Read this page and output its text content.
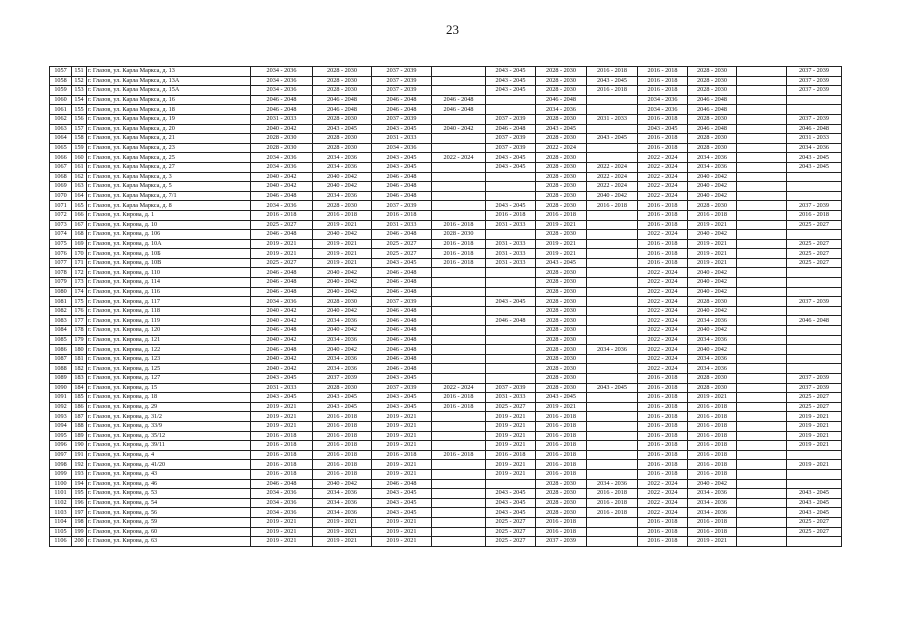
23
1057	151	г. Глазов, ул. Карла Маркса, д. 13	2034 - 2036	2028 - 2030	2037 - 2039		2043 - 2045	2028 - 2030	2016 - 2018	2016 - 2018	2028 - 2030		2037 - 2039
1058	152	г. Глазов, ул. Карла Маркса, д. 13А	2034 - 2036	2028 - 2030	2037 - 2039		2043 - 2045	2028 - 2030	2043 - 2045	2016 - 2018	2028 - 2030		2037 - 2039
1059	153	г. Глазов, ул. Карла Маркса, д. 15А	2034 - 2036	2028 - 2030	2037 - 2039		2043 - 2045	2028 - 2030	2016 - 2018	2016 - 2018	2028 - 2030		2037 - 2039
1060	154	г. Глазов, ул. Карла Маркса, д. 16	2046 - 2048	2046 - 2048	2046 - 2048	2046 - 2048		2046 - 2048		2034 - 2036	2046 - 2048		
1061	155	г. Глазов, ул. Карла Маркса, д. 18	2046 - 2048	2046 - 2048	2046 - 2048	2046 - 2048		2034 - 2036		2034 - 2036	2046 - 2048		
1062	156	г. Глазов, ул. Карла Маркса, д. 19	2031 - 2033	2028 - 2030	2037 - 2039		2037 - 2039	2028 - 2030	2031 - 2033	2016 - 2018	2028 - 2030		2037 - 2039
1063	157	г. Глазов, ул. Карла Маркса, д. 20	2040 - 2042	2043 - 2045	2043 - 2045	2040 - 2042	2046 - 2048	2043 - 2045		2043 - 2045	2046 - 2048		2046 - 2048
1064	158	г. Глазов, ул. Карла Маркса, д. 21	2028 - 2030	2028 - 2030	2031 - 2033		2037 - 2039	2028 - 2030	2043 - 2045	2016 - 2018	2028 - 2030		2031 - 2033
1065	159	г. Глазов, ул. Карла Маркса, д. 23	2028 - 2030	2028 - 2030	2034 - 2036		2037 - 2039	2022 - 2024		2016 - 2018	2028 - 2030		2034 - 2036
1066	160	г. Глазов, ул. Карла Маркса, д. 25	2034 - 2036	2034 - 2036	2043 - 2045	2022 - 2024	2043 - 2045	2028 - 2030		2022 - 2024	2034 - 2036		2043 - 2045
1067	161	г. Глазов, ул. Карла Маркса, д. 27	2034 - 2036	2034 - 2036	2043 - 2045		2043 - 2045	2028 - 2030	2022 - 2024	2022 - 2024	2034 - 2036		2043 - 2045
1068	162	г. Глазов, ул. Карла Маркса, д. 3	2040 - 2042	2040 - 2042	2046 - 2048			2028 - 2030	2022 - 2024	2022 - 2024	2040 - 2042		
1069	163	г. Глазов, ул. Карла Маркса, д. 5	2040 - 2042	2040 - 2042	2046 - 2048			2028 - 2030	2022 - 2024	2022 - 2024	2040 - 2042		
1070	164	г. Глазов, ул. Карла Маркса, д. 7/1	2046 - 2048	2034 - 2036	2046 - 2048			2028 - 2030	2040 - 2042	2022 - 2024	2040 - 2042		
1071	165	г. Глазов, ул. Карла Маркса, д. 8	2034 - 2036	2028 - 2030	2037 - 2039		2043 - 2045	2028 - 2030	2016 - 2018	2016 - 2018	2028 - 2030		2037 - 2039
1072	166	г. Глазов, ул. Кирова, д. 1	2016 - 2018	2016 - 2018	2016 - 2018		2016 - 2018	2016 - 2018		2016 - 2018	2016 - 2018		2016 - 2018
1073	167	г. Глазов, ул. Кирова, д. 10	2025 - 2027	2019 - 2021	2031 - 2033	2016 - 2018	2031 - 2033	2019 - 2021		2016 - 2018	2019 - 2021		2025 - 2027
1074	168	г. Глазов, ул. Кирова, д. 106	2046 - 2048	2040 - 2042	2046 - 2048	2028 - 2030		2028 - 2030		2022 - 2024	2040 - 2042		
1075	169	г. Глазов, ул. Кирова, д. 10А	2019 - 2021	2019 - 2021	2025 - 2027	2016 - 2018	2031 - 2033	2019 - 2021		2016 - 2018	2019 - 2021		2025 - 2027
1076	170	г. Глазов, ул. Кирова, д. 10Б	2019 - 2021	2019 - 2021	2025 - 2027	2016 - 2018	2031 - 2033	2019 - 2021		2016 - 2018	2019 - 2021		2025 - 2027
1077	171	г. Глазов, ул. Кирова, д. 10В	2025 - 2027	2019 - 2021	2043 - 2045	2016 - 2018	2031 - 2033	2043 - 2045		2016 - 2018	2019 - 2021		2025 - 2027
1078	172	г. Глазов, ул. Кирова, д. 110	2046 - 2048	2040 - 2042	2046 - 2048			2028 - 2030		2022 - 2024	2040 - 2042		
1079	173	г. Глазов, ул. Кирова, д. 114	2046 - 2048	2040 - 2042	2046 - 2048			2028 - 2030		2022 - 2024	2040 - 2042		
1080	174	г. Глазов, ул. Кирова, д. 116	2046 - 2048	2040 - 2042	2046 - 2048			2028 - 2030		2022 - 2024	2040 - 2042		
1081	175	г. Глазов, ул. Кирова, д. 117	2034 - 2036	2028 - 2030	2037 - 2039		2043 - 2045	2028 - 2030		2022 - 2024	2028 - 2030		2037 - 2039
1082	176	г. Глазов, ул. Кирова, д. 118	2040 - 2042	2040 - 2042	2046 - 2048			2028 - 2030		2022 - 2024	2040 - 2042		
1083	177	г. Глазов, ул. Кирова, д. 119	2040 - 2042	2034 - 2036	2046 - 2048		2046 - 2048	2028 - 2030		2022 - 2024	2034 - 2036		2046 - 2048
1084	178	г. Глазов, ул. Кирова, д. 120	2046 - 2048	2040 - 2042	2046 - 2048			2028 - 2030		2022 - 2024	2040 - 2042		
1085	179	г. Глазов, ул. Кирова, д. 121	2040 - 2042	2034 - 2036	2046 - 2048			2028 - 2030		2022 - 2024	2034 - 2036		
1086	180	г. Глазов, ул. Кирова, д. 122	2046 - 2048	2040 - 2042	2046 - 2048			2028 - 2030	2034 - 2036	2022 - 2024	2040 - 2042		
1087	181	г. Глазов, ул. Кирова, д. 123	2040 - 2042	2034 - 2036	2046 - 2048			2028 - 2030		2022 - 2024	2034 - 2036		
1088	182	г. Глазов, ул. Кирова, д. 125	2040 - 2042	2034 - 2036	2046 - 2048			2028 - 2030		2022 - 2024	2034 - 2036		
1089	183	г. Глазов, ул. Кирова, д. 127	2043 - 2045	2037 - 2039	2043 - 2045			2028 - 2030		2016 - 2018	2028 - 2030		2037 - 2039
1090	184	г. Глазов, ул. Кирова, д. 15	2031 - 2033	2028 - 2030	2037 - 2039	2022 - 2024	2037 - 2039	2028 - 2030	2043 - 2045	2016 - 2018	2028 - 2030		2037 - 2039
1091	185	г. Глазов, ул. Кирова, д. 18	2043 - 2045	2043 - 2045	2043 - 2045	2016 - 2018	2031 - 2033	2043 - 2045		2016 - 2018	2019 - 2021		2025 - 2027
1092	186	г. Глазов, ул. Кирова, д. 29	2019 - 2021	2043 - 2045	2043 - 2045	2016 - 2018	2025 - 2027	2019 - 2021		2016 - 2018	2016 - 2018		2025 - 2027
1093	187	г. Глазов, ул. Кирова, д. 31/2	2019 - 2021	2016 - 2018	2019 - 2021		2019 - 2021	2016 - 2018		2016 - 2018	2016 - 2018		2019 - 2021
1094	188	г. Глазов, ул. Кирова, д. 33/9	2019 - 2021	2016 - 2018	2019 - 2021		2019 - 2021	2016 - 2018		2016 - 2018	2016 - 2018		2019 - 2021
1095	189	г. Глазов, ул. Кирова, д. 35/12	2016 - 2018	2016 - 2018	2019 - 2021		2019 - 2021	2016 - 2018		2016 - 2018	2016 - 2018		2019 - 2021
1096	190	г. Глазов, ул. Кирова, д. 39/11	2016 - 2018	2016 - 2018	2019 - 2021		2019 - 2021	2016 - 2018		2016 - 2018	2016 - 2018		2019 - 2021
1097	191	г. Глазов, ул. Кирова, д. 4	2016 - 2018	2016 - 2018	2016 - 2018	2016 - 2018	2016 - 2018	2016 - 2018		2016 - 2018	2016 - 2018		
1098	192	г. Глазов, ул. Кирова, д. 41/20	2016 - 2018	2016 - 2018	2019 - 2021		2019 - 2021	2016 - 2018		2016 - 2018	2016 - 2018		2019 - 2021
1099	193	г. Глазов, ул. Кирова, д. 43	2016 - 2018	2016 - 2018	2019 - 2021		2019 - 2021	2016 - 2018		2016 - 2018	2016 - 2018		
1100	194	г. Глазов, ул. Кирова, д. 46	2046 - 2048	2040 - 2042	2046 - 2048			2028 - 2030	2034 - 2036	2022 - 2024	2040 - 2042		
1101	195	г. Глазов, ул. Кирова, д. 53	2034 - 2036	2034 - 2036	2043 - 2045		2043 - 2045	2028 - 2030	2016 - 2018	2022 - 2024	2034 - 2036		2043 - 2045
1102	196	г. Глазов, ул. Кирова, д. 54	2034 - 2036	2034 - 2036	2043 - 2045		2043 - 2045	2028 - 2030	2016 - 2018	2022 - 2024	2034 - 2036		2043 - 2045
1103	197	г. Глазов, ул. Кирова, д. 56	2034 - 2036	2034 - 2036	2043 - 2045		2043 - 2045	2028 - 2030	2016 - 2018	2022 - 2024	2034 - 2036		2043 - 2045
1104	198	г. Глазов, ул. Кирова, д. 59	2019 - 2021	2019 - 2021	2019 - 2021		2025 - 2027	2016 - 2018		2016 - 2018	2016 - 2018		2025 - 2027
1105	199	г. Глазов, ул. Кирова, д. 60	2019 - 2021	2019 - 2021	2019 - 2021		2025 - 2027	2016 - 2018		2016 - 2018	2016 - 2018		2025 - 2027
1106	200	г. Глазов, ул. Кирова, д. 63	2019 - 2021	2019 - 2021	2019 - 2021		2025 - 2027	2037 - 2039		2016 - 2018	2019 - 2021		
